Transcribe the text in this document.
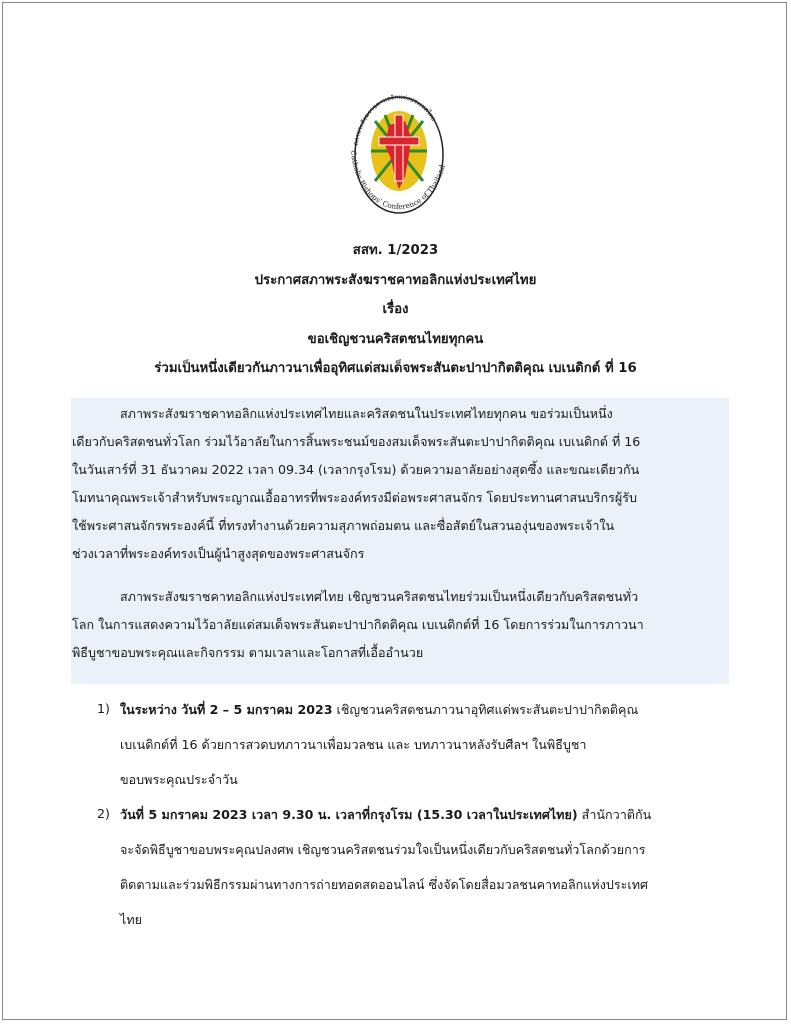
สภาพระสังฆราชคาทอลิกแห่งประเทศไทย
Catholic Bishops' Conference of Thailand
สสท. 1/2023
ประกาศสภาพระสังฆราชคาทอลิกแห่งประเทศไทย
เรื่อง
ขอเชิญชวนคริสตชนไทยทุกคน
ร่วมเป็นหนึ่งเดียวกันภาวนาเพื่ออุทิศแด่สมเด็จพระสันตะปาปากิตติคุณ เบเนดิกต์ ที่ 16
สภาพระสังฆราชคาทอลิกแห่งประเทศไทยและคริสตชนในประเทศไทยทุกคน ขอร่วมเป็นหนึ่ง
เดียวกับคริสตชนทั่วโลก ร่วมไว้อาลัยในการสิ้นพระชนม์ของสมเด็จพระสันตะปาปากิตติคุณ เบเนดิกต์ ที่ 16
ในวันเสาร์ที่ 31 ธันวาคม 2022 เวลา 09.34 (เวลากรุงโรม) ด้วยความอาลัยอย่างสุดซึ้ง และขณะเดียวกัน
โมทนาคุณพระเจ้าสำหรับพระญาณเอื้ออาทรที่พระองค์ทรงมีต่อพระศาสนจักร โดยประทานศาสนบริกรผู้รับ
ใช้พระศาสนจักรพระองค์นี้ ที่ทรงทำงานด้วยความสุภาพถ่อมตน และซื่อสัตย์ในสวนองุ่นของพระเจ้าใน
ช่วงเวลาที่พระองค์ทรงเป็นผู้นำสูงสุดของพระศาสนจักร
สภาพระสังฆราชคาทอลิกแห่งประเทศไทย เชิญชวนคริสตชนไทยร่วมเป็นหนึ่งเดียวกับคริสตชนทั่ว
โลก ในการแสดงความไว้อาลัยแด่สมเด็จพระสันตะปาปากิตติคุณ เบเนดิกต์ที่ 16 โดยการร่วมในการภาวนา
พิธีบูชาขอบพระคุณและกิจกรรม ตามเวลาและโอกาสที่เอื้ออำนวย
1) ในระหว่าง วันที่ 2 – 5 มกราคม 2023 เชิญชวนคริสตชนภาวนาอุทิศแด่พระสันตะปาปากิตติคุณ
เบเนดิกต์ที่ 16 ด้วยการสวดบทภาวนาเพื่อมวลชน และ บทภาวนาหลังรับศีลฯ ในพิธีบูชา
ขอบพระคุณประจำวัน
2) วันที่ 5 มกราคม 2023 เวลา 9.30 น. เวลาที่กรุงโรม (15.30 เวลาในประเทศไทย) สำนักวาติกัน
จะจัดพิธีบูชาขอบพระคุณปลงศพ เชิญชวนคริสตชนร่วมใจเป็นหนึ่งเดียวกับคริสตชนทั่วโลกด้วยการ
ติดตามและร่วมพิธีกรรมผ่านทางการถ่ายทอดสดออนไลน์ ซึ่งจัดโดยสื่อมวลชนคาทอลิกแห่งประเทศ
ไทย
